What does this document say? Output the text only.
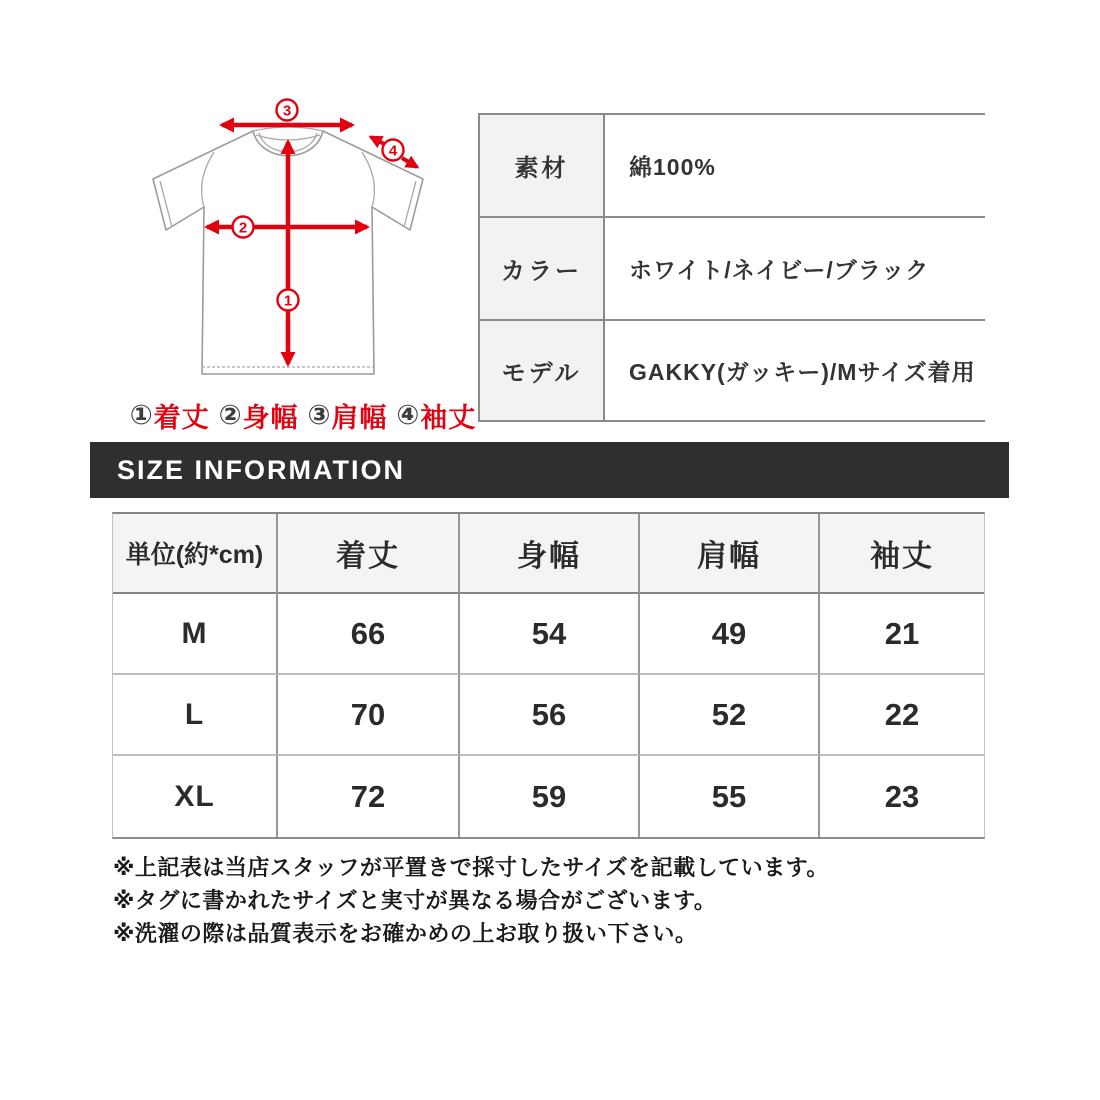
3
4
2
1
① 着丈 ② 身幅 ③ 肩幅 ④ 袖丈
素材	綿100%
カラー	ホワイト/ネイビー/ブラック
モデル	GAKKY(ガッキー)/Mサイズ着用
SIZE INFORMATION
単位(約*cm)	着丈	身幅	肩幅	袖丈
M	66	54	49	21
L	70	56	52	22
XL	72	59	55	23
※上記表は当店スタッフが平置きで採寸したサイズを記載しています。
※タグに書かれたサイズと実寸が異なる場合がございます。
※洗濯の際は品質表示をお確かめの上お取り扱い下さい。
